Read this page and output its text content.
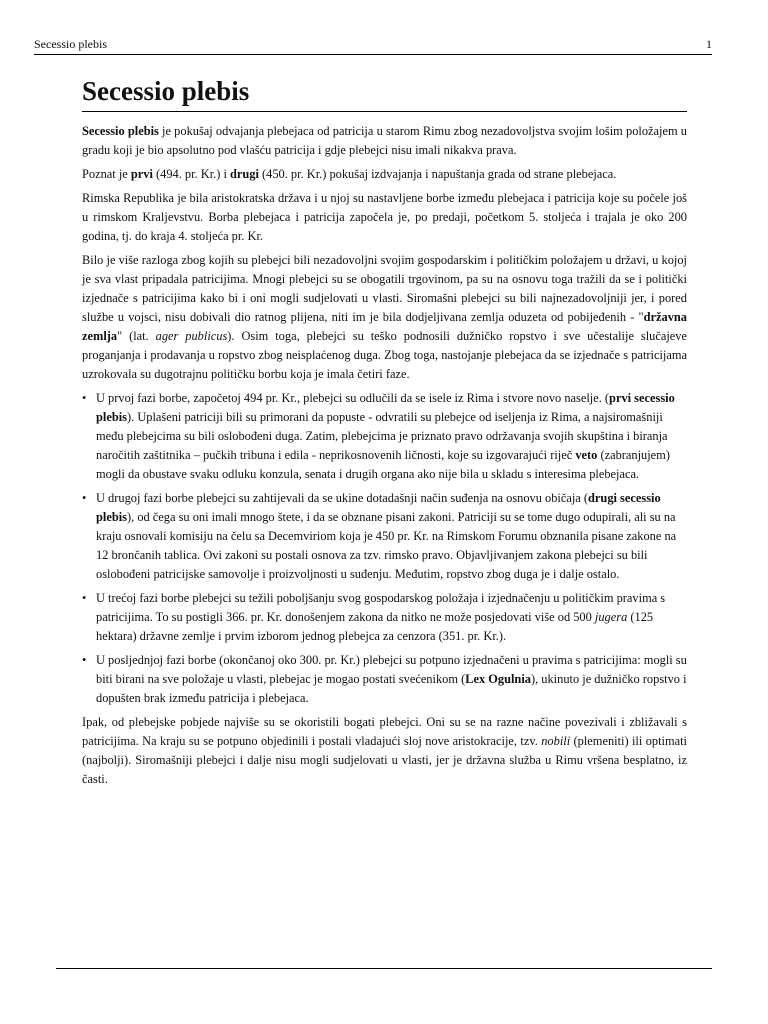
Secessio plebis	1
Secessio plebis

Secessio plebis je pokušaj odvajanja plebejaca od patricija u starom Rimu zbog nezadovoljstva svojim lošim položajem u gradu koji je bio apsolutno pod vlašću patricija i gdje plebejci nisu imali nikakva prava.

Poznat je prvi (494. pr. Kr.) i drugi (450. pr. Kr.) pokušaj izdvajanja i napuštanja grada od strane plebejaca.

Rimska Republika je bila aristokratska država i u njoj su nastavljene borbe između plebejaca i patricija koje su počele još u rimskom Kraljevstvu. Borba plebejaca i patricija započela je, po predaji, početkom 5. stoljeća i trajala je oko 200 godina, tj. do kraja 4. stoljeća pr. Kr.

Bilo je više razloga zbog kojih su plebejci bili nezadovoljni svojim gospodarskim i političkim položajem u državi, u kojoj je sva vlast pripadala patricijima. Mnogi plebejci su se obogatili trgovinom, pa su na osnovu toga tražili da se i politički izjednače s patricijima kako bi i oni mogli sudjelovati u vlasti. Siromašni plebejci su bili najnezadovoljniji jer, i pored službe u vojsci, nisu dobivali dio ratnog plijena, niti im je bila dodjeljivana zemlja oduzeta od pobijeđenih - "državna zemlja" (lat. ager publicus). Osim toga, plebejci su teško podnosili dužničko ropstvo i sve učestalije slučajeve proganjanja i prodavanja u ropstvo zbog neisplaćenog duga. Zbog toga, nastojanje plebejaca da se izjednače s patricijama uzrokovala su dugotrajnu političku borbu koja je imala četiri faze.

• U prvoj fazi borbe, započetoj 494 pr. Kr., plebejci su odlučili da se isele iz Rima i stvore novo naselje. (prvi secessio plebis). Uplašeni patriciji bili su primorani da popuste - odvratili su plebejce od iseljenja iz Rima, a najsiromašniji među plebejcima su bili oslobođeni duga. Zatim, plebejcima je priznato pravo održavanja svojih skupština i biranja naročitih zaštitnika – pučkih tribuna i edila - neprikosnovenih ličnosti, koje su izgovarajući riječ veto (zabranjujem) mogli da obustave svaku odluku konzula, senata i drugih organa ako nije bila u skladu s interesima plebejaca.
• U drugoj fazi borbe plebejci su zahtijevali da se ukine dotadašnji način suđenja na osnovu običaja (drugi secessio plebis), od čega su oni imali mnogo štete, i da se obznane pisani zakoni. Patriciji su se tome dugo odupirali, ali su na kraju osnovali komisiju na čelu sa Decemvirіom koja je 450 pr. Kr. na Rimskom Forumu obznanila pisane zakone na 12 brončanih tablica. Ovi zakoni su postali osnova za tzv. rimsko pravo. Objavljivanjem zakona plebejci su bili oslobođeni patricijske samovolje i proizvoljnosti u suđenju. Međutim, ropstvo zbog duga je i dalje ostalo.
• U trećoj fazi borbe plebejci su težili poboljšanju svog gospodarskog položaja i izjednačenju u političkim pravima s patricijima. To su postigli 366. pr. Kr. donošenjem zakona da nitko ne može posjedovati više od 500 jugera (125 hektara) državne zemlje i prvim izborom jednog plebejca za cenzora (351. pr. Kr.).
• U posljednjoj fazi borbe (okončanoj oko 300. pr. Kr.) plebejci su potpuno izjednačeni u pravima s patricijima: mogli su biti birani na sve položaje u vlasti, plebejac je mogao postati svećenikom (Lex Ogulnia), ukinuto je dužničko ropstvo i dopušten brak između patricija i plebejaca.

Ipak, od plebejske pobjede najviše su se okoristili bogati plebejci. Oni su se na razne načine povezivali i zbližavali s patricijima. Na kraju su se potpuno objedinili i postali vladajući sloj nove aristokracije, tzv. nobili (plemeniti) ili optimati (najbolji). Siromašniji plebejci i dalje nisu mogli sudjelovati u vlasti, jer je državna služba u Rimu vršena besplatno, iz časti.
